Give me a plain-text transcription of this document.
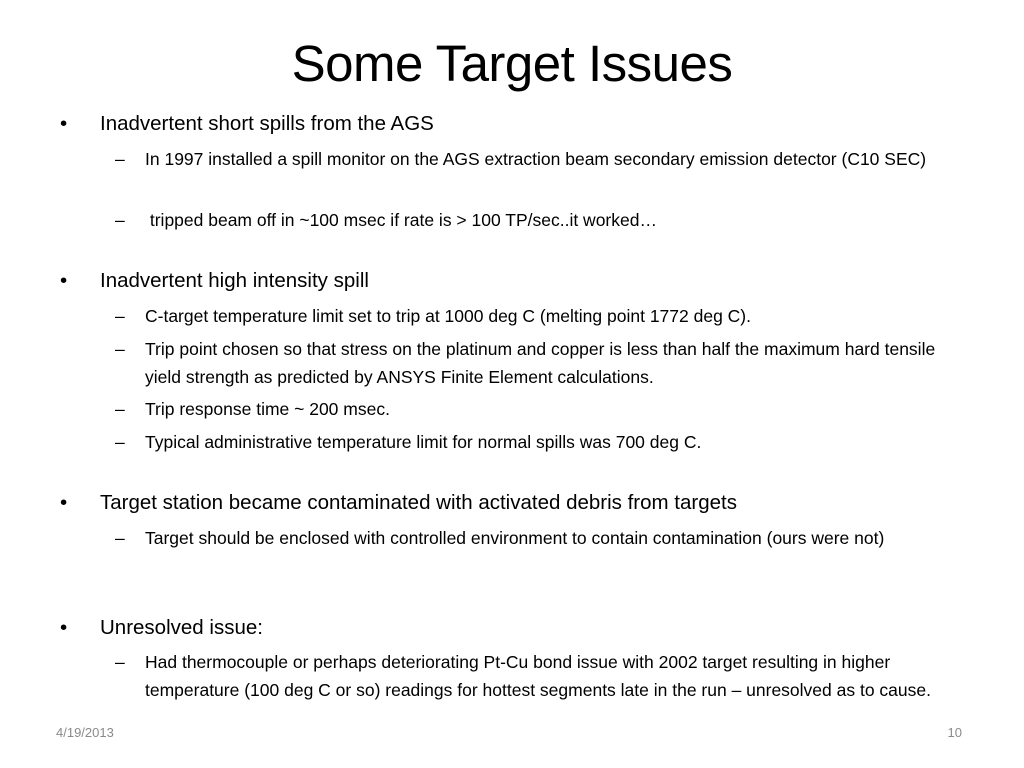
Some Target Issues
• Inadvertent short spills from the AGS
– In 1997 installed a spill monitor on the AGS extraction beam secondary emission detector (C10 SEC)
– tripped beam off in ~100 msec if rate is > 100 TP/sec..it worked…
• Inadvertent high intensity spill
– C-target temperature limit set to trip at 1000 deg C (melting point 1772 deg C).
– Trip point chosen so that stress on the platinum and copper is less than half the maximum hard tensile yield strength as predicted by ANSYS Finite Element calculations.
– Trip response time ~ 200 msec.
– Typical administrative temperature limit for normal spills was 700 deg C.
• Target station became contaminated with activated debris from targets
– Target should be enclosed with controlled environment to contain contamination (ours were not)
• Unresolved issue:
– Had thermocouple or perhaps deteriorating Pt-Cu bond issue with 2002 target resulting in higher temperature (100 deg C or so) readings for hottest segments late in the run – unresolved as to cause.
4/19/2013	10
